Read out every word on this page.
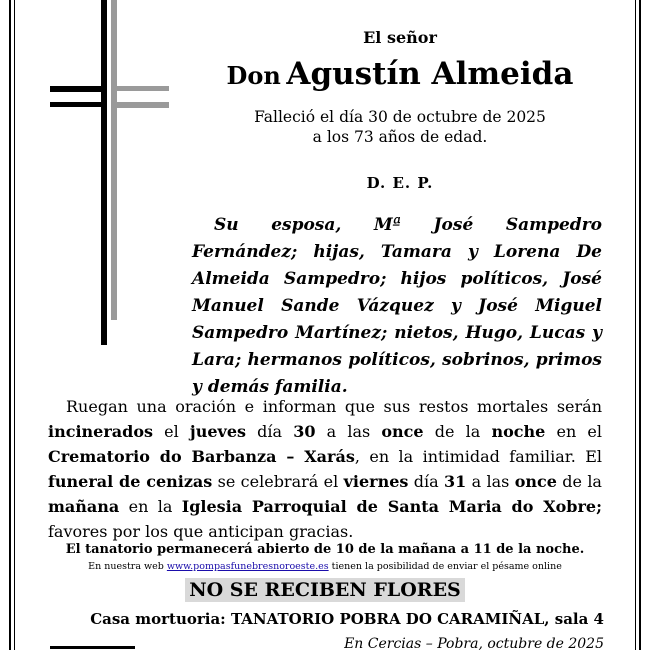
El señor
Don Agustín Almeida
Falleció el día 30 de octubre de 2025
a los 73 años de edad.
D. E. P.
Su esposa, Mª José Sampedro Fernández; hijas, Tamara y Lorena De Almeida Sampedro; hijos políticos, José Manuel Sande Vázquez y José Miguel Sampedro Martínez; nietos, Hugo, Lucas y Lara; hermanos políticos, sobrinos, primos y demás familia.
Ruegan una oración e informan que sus restos mortales serán incinerados el jueves día 30 a las once de la noche en el Crematorio do Barbanza – Xarás, en la intimidad familiar. El funeral de cenizas se celebrará el viernes día 31 a las once de la mañana en la Iglesia Parroquial de Santa Maria do Xobre; favores por los que anticipan gracias.
El tanatorio permanecerá abierto de 10 de la mañana a 11 de la noche.
En nuestra web www.pompasfunebresnoroeste.es tienen la posibilidad de enviar el pésame online
NO SE RECIBEN FLORES
Casa mortuoria: TANATORIO POBRA DO CARAMIÑAL, sala 4
En Cercias – Pobra, octubre de 2025
